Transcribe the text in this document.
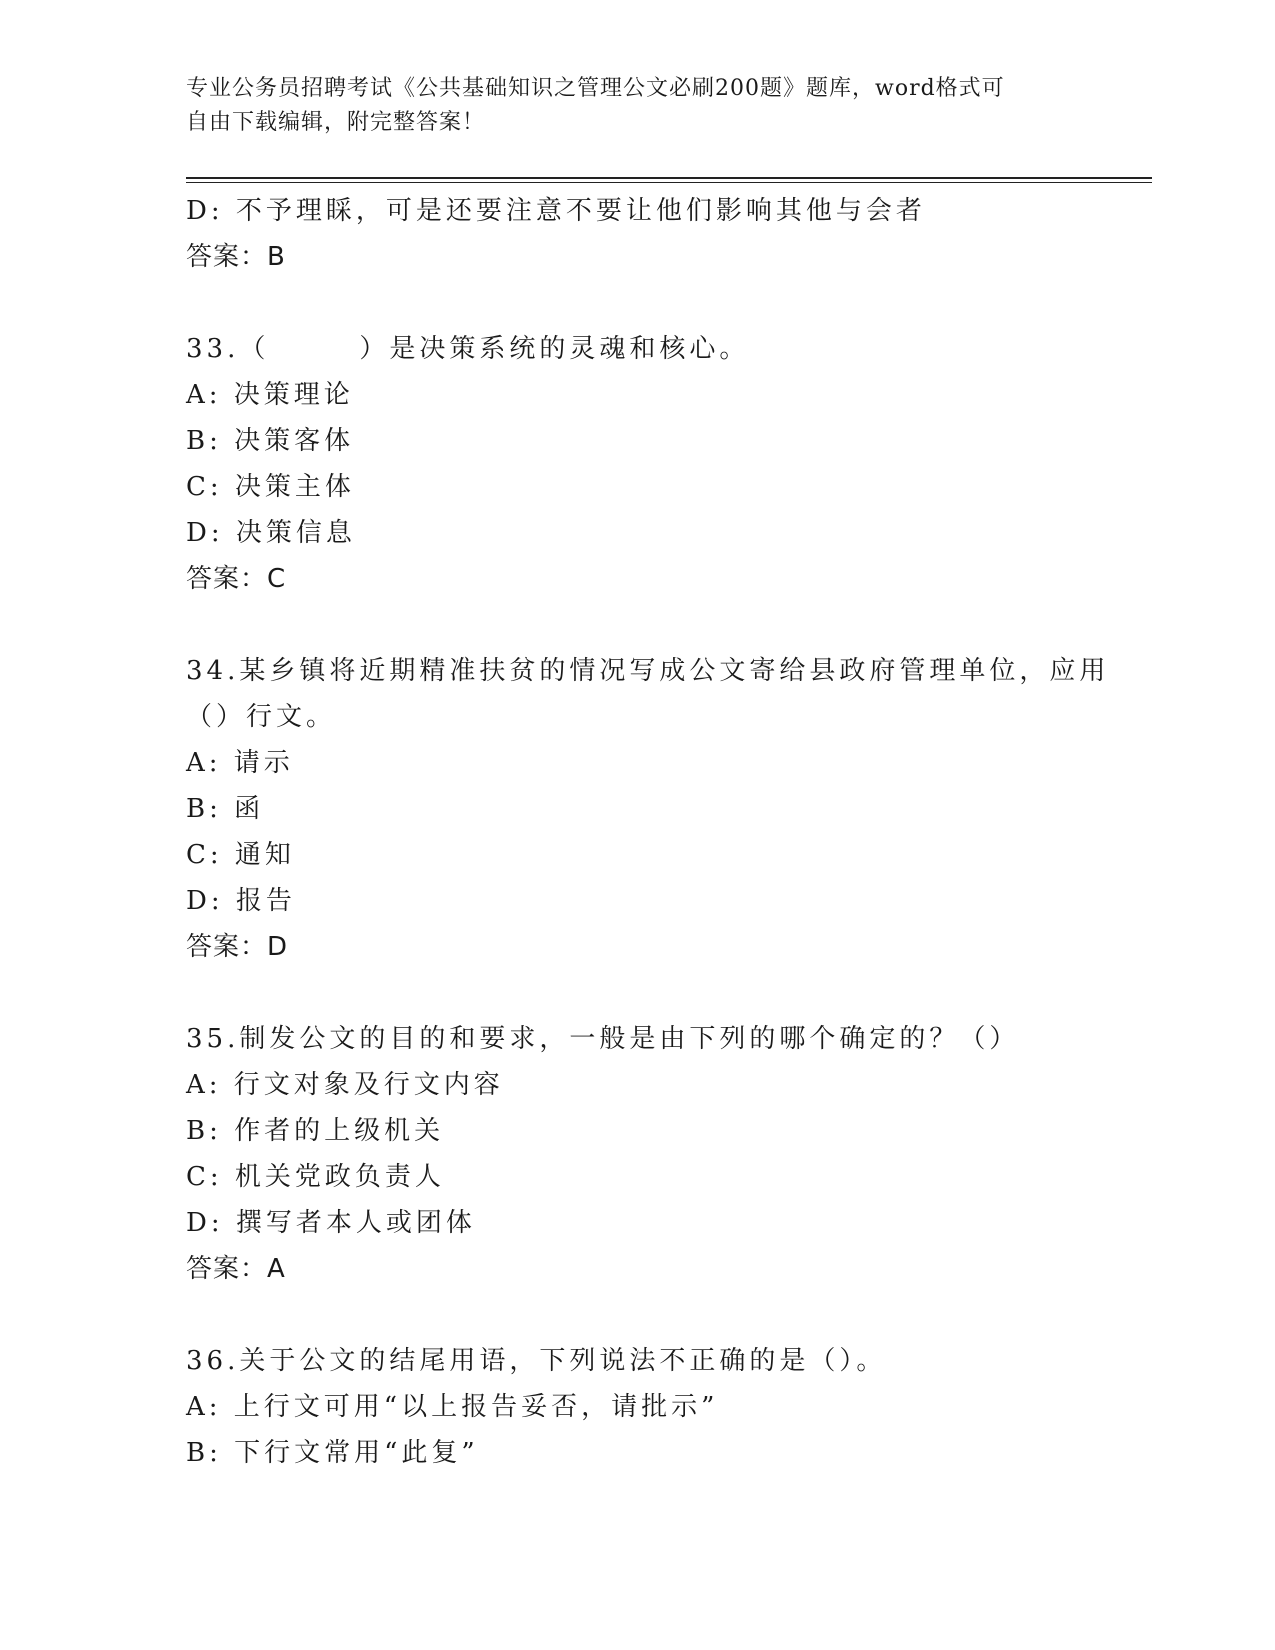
专业公务员招聘考试《公共基础知识之管理公文必刷200题》题库，word格式可
自由下载编辑，附完整答案！
D: 不予理睬，可是还要注意不要让他们影响其他与会者
答案：B
33.（　　　）是决策系统的灵魂和核心。
A: 决策理论
B: 决策客体
C: 决策主体
D: 决策信息
答案：C
34.某乡镇将近期精准扶贫的情况写成公文寄给县政府管理单位，应用
（）行文。
A: 请示
B: 函
C: 通知
D: 报告
答案：D
35.制发公文的目的和要求，一般是由下列的哪个确定的？（）
A: 行文对象及行文内容
B: 作者的上级机关
C: 机关党政负责人
D: 撰写者本人或团体
答案：A
36.关于公文的结尾用语，下列说法不正确的是（）。
A: 上行文可用“以上报告妥否，请批示”
B: 下行文常用“此复”
